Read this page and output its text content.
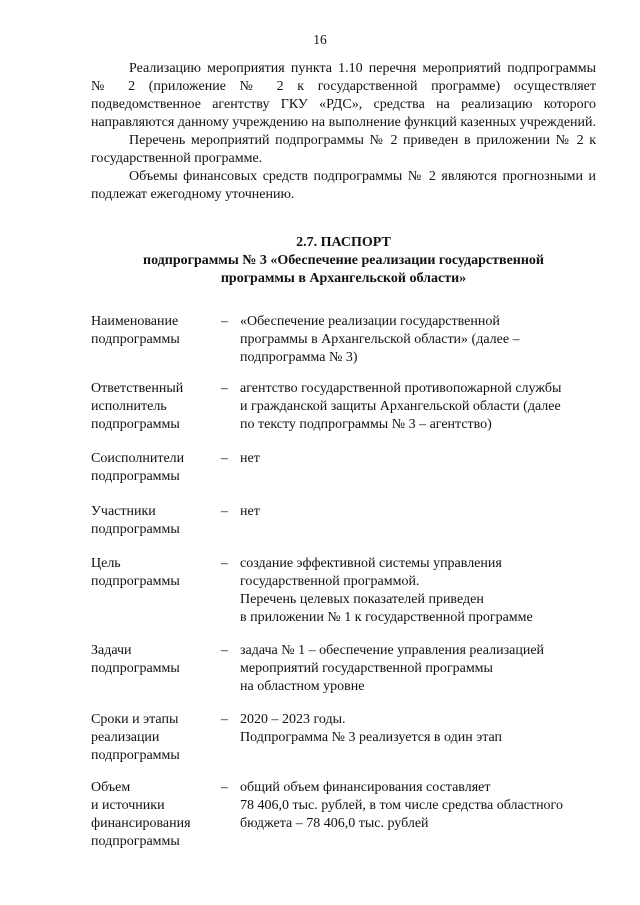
16

Реализацию мероприятия пункта 1.10 перечня мероприятий подпрограммы № 2 (приложение № 2 к государственной программе) осуществляет подведомственное агентству ГКУ «РДС», средства на реализацию которого направляются данному учреждению на выполнение функций казенных учреждений.

Перечень мероприятий подпрограммы № 2 приведен в приложении № 2 к государственной программе.

Объемы финансовых средств подпрограммы № 2 являются прогнозными и подлежат ежегодному уточнению.

2.7. ПАСПОРТ
подпрограммы № 3 «Обеспечение реализации государственной
программы в Архангельской области»
Наименование
подпрограммы
– «Обеспечение реализации государственной
программы в Архангельской области» (далее –
подпрограмма № 3)
Ответственный
исполнитель
подпрограммы
– агентство государственной противопожарной службы
и гражданской защиты Архангельской области (далее
по тексту подпрограммы № 3 – агентство)
Соисполнители
подпрограммы
– нет
Участники
подпрограммы
– нет
Цель
подпрограммы
– создание эффективной системы управления
государственной программой.
Перечень целевых показателей приведен
в приложении № 1 к государственной программе
Задачи
подпрограммы
– задача № 1 – обеспечение управления реализацией
мероприятий государственной программы
на областном уровне
Сроки и этапы
реализации
подпрограммы
– 2020 – 2023 годы.
Подпрограмма № 3 реализуется в один этап
Объем
и источники
финансирования
подпрограммы
– общий объем финансирования составляет
78 406,0 тыс. рублей, в том числе средства областного
бюджета – 78 406,0 тыс. рублей
